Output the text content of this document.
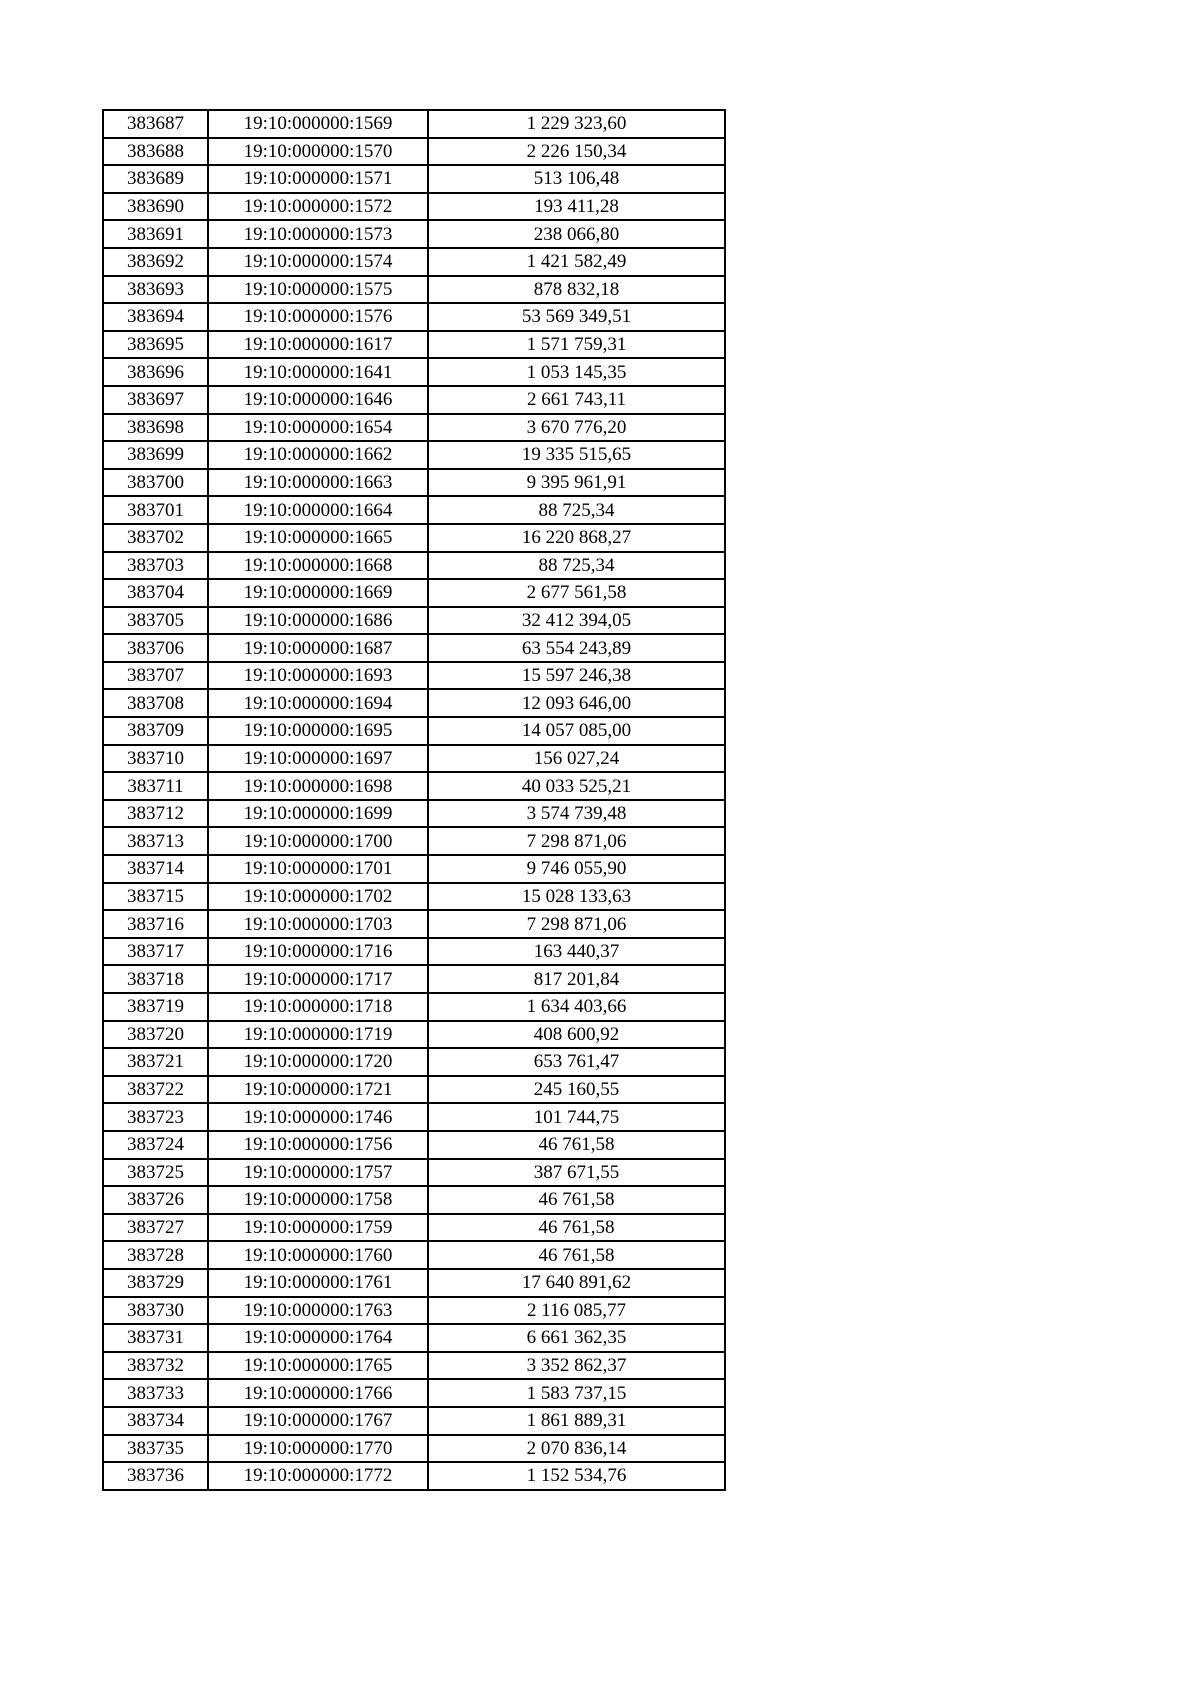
383687	19:10:000000:1569	1 229 323,60
383688	19:10:000000:1570	2 226 150,34
383689	19:10:000000:1571	513 106,48
383690	19:10:000000:1572	193 411,28
383691	19:10:000000:1573	238 066,80
383692	19:10:000000:1574	1 421 582,49
383693	19:10:000000:1575	878 832,18
383694	19:10:000000:1576	53 569 349,51
383695	19:10:000000:1617	1 571 759,31
383696	19:10:000000:1641	1 053 145,35
383697	19:10:000000:1646	2 661 743,11
383698	19:10:000000:1654	3 670 776,20
383699	19:10:000000:1662	19 335 515,65
383700	19:10:000000:1663	9 395 961,91
383701	19:10:000000:1664	88 725,34
383702	19:10:000000:1665	16 220 868,27
383703	19:10:000000:1668	88 725,34
383704	19:10:000000:1669	2 677 561,58
383705	19:10:000000:1686	32 412 394,05
383706	19:10:000000:1687	63 554 243,89
383707	19:10:000000:1693	15 597 246,38
383708	19:10:000000:1694	12 093 646,00
383709	19:10:000000:1695	14 057 085,00
383710	19:10:000000:1697	156 027,24
383711	19:10:000000:1698	40 033 525,21
383712	19:10:000000:1699	3 574 739,48
383713	19:10:000000:1700	7 298 871,06
383714	19:10:000000:1701	9 746 055,90
383715	19:10:000000:1702	15 028 133,63
383716	19:10:000000:1703	7 298 871,06
383717	19:10:000000:1716	163 440,37
383718	19:10:000000:1717	817 201,84
383719	19:10:000000:1718	1 634 403,66
383720	19:10:000000:1719	408 600,92
383721	19:10:000000:1720	653 761,47
383722	19:10:000000:1721	245 160,55
383723	19:10:000000:1746	101 744,75
383724	19:10:000000:1756	46 761,58
383725	19:10:000000:1757	387 671,55
383726	19:10:000000:1758	46 761,58
383727	19:10:000000:1759	46 761,58
383728	19:10:000000:1760	46 761,58
383729	19:10:000000:1761	17 640 891,62
383730	19:10:000000:1763	2 116 085,77
383731	19:10:000000:1764	6 661 362,35
383732	19:10:000000:1765	3 352 862,37
383733	19:10:000000:1766	1 583 737,15
383734	19:10:000000:1767	1 861 889,31
383735	19:10:000000:1770	2 070 836,14
383736	19:10:000000:1772	1 152 534,76
